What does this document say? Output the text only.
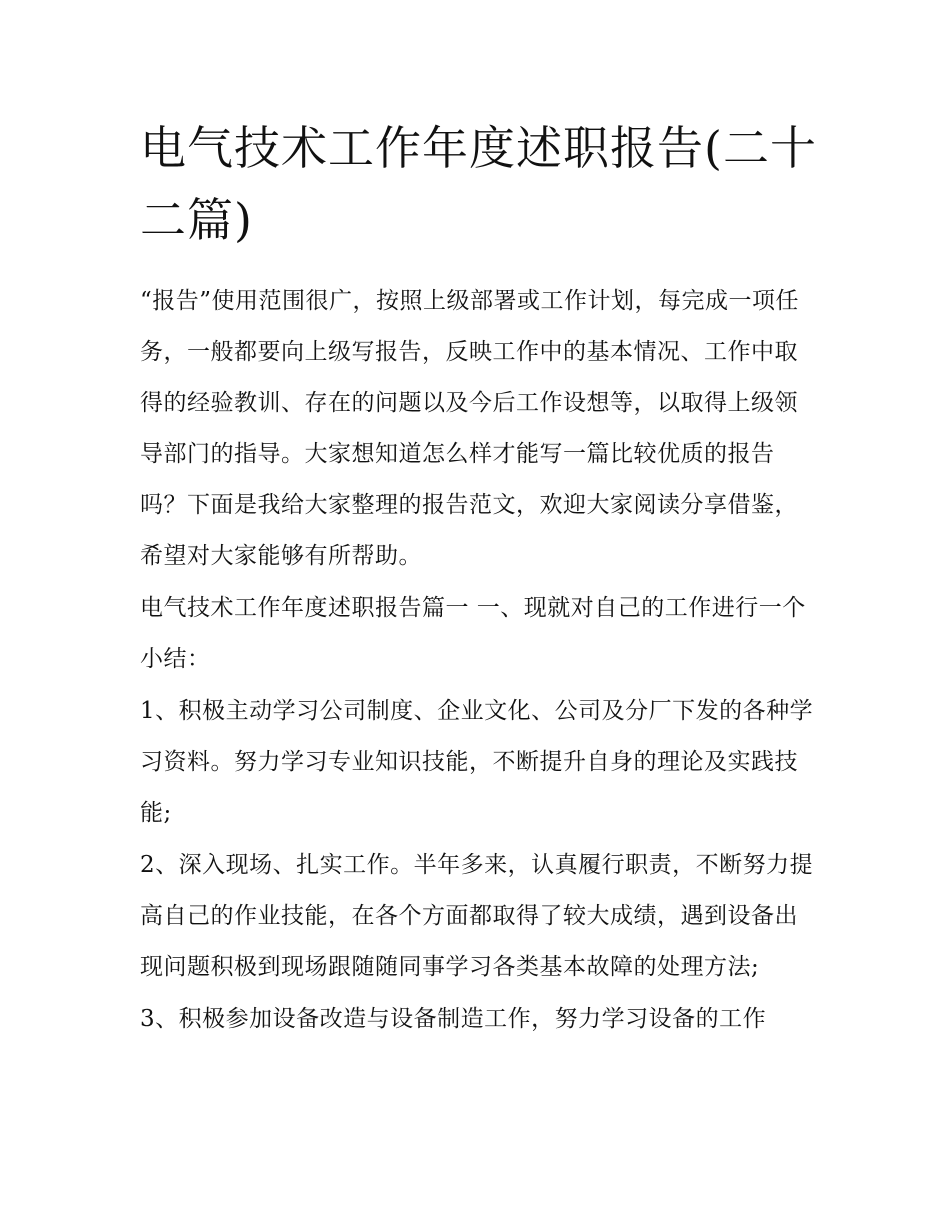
电气技术工作年度述职报告(二十二篇)

“报告”使用范围很广，按照上级部署或工作计划，每完成一项任务，一般都要向上级写报告，反映工作中的基本情况、工作中取得的经验教训、存在的问题以及今后工作设想等，以取得上级领导部门的指导。大家想知道怎么样才能写一篇比较优质的报告吗？下面是我给大家整理的报告范文，欢迎大家阅读分享借鉴，希望对大家能够有所帮助。

电气技术工作年度述职报告篇一 一、现就对自己的工作进行一个小结：

1、积极主动学习公司制度、企业文化、公司及分厂下发的各种学习资料。努力学习专业知识技能，不断提升自身的理论及实践技能;

2、深入现场、扎实工作。半年多来，认真履行职责，不断努力提高自己的作业技能，在各个方面都取得了较大成绩，遇到设备出现问题积极到现场跟随随同事学习各类基本故障的处理方法;

3、积极参加设备改造与设备制造工作，努力学习设备的工作
